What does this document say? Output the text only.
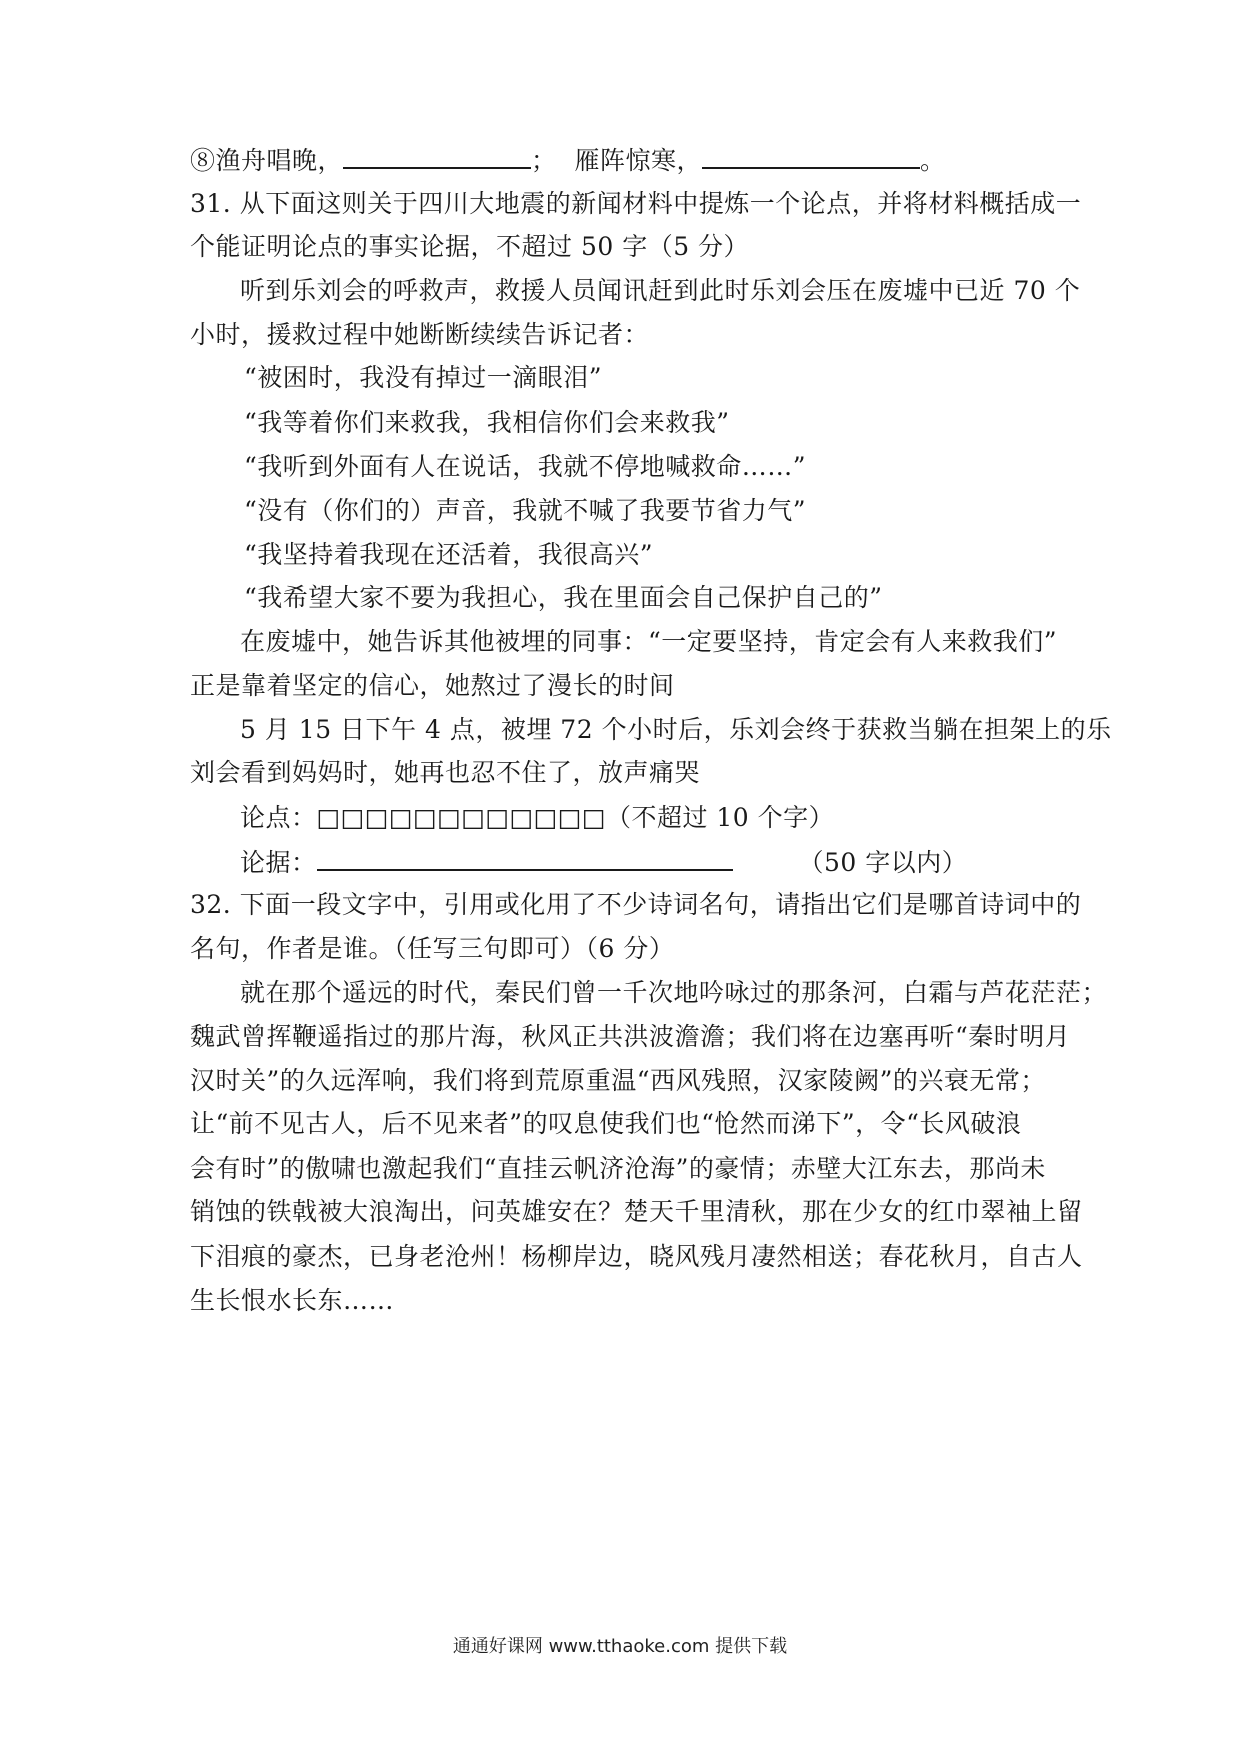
⑧渔舟唱晚，	； 雁阵惊寒，	。
31. 从下面这则关于四川大地震的新闻材料中提炼一个论点，并将材料概括成一
个能证明论点的事实论据，不超过 50 字（5 分）
听到乐刘会的呼救声，救援人员闻讯赶到此时乐刘会压在废墟中已近 70 个
小时，援救过程中她断断续续告诉记者：
“被困时，我没有掉过一滴眼泪”
“我等着你们来救我，我相信你们会来救我”
“我听到外面有人在说话，我就不停地喊救命……”
“没有（你们的）声音，我就不喊了我要节省力气”
“我坚持着我现在还活着，我很高兴”
“我希望大家不要为我担心，我在里面会自己保护自己的”
在废墟中，她告诉其他被埋的同事：“一定要坚持，肯定会有人来救我们”
正是靠着坚定的信心，她熬过了漫长的时间
5 月 15 日下午 4 点，被埋 72 个小时后，乐刘会终于获救当躺在担架上的乐
刘会看到妈妈时，她再也忍不住了，放声痛哭
论点：□□□□□□□□□□□□（不超过 10 个字）
论据：	（50 字以内）
32. 下面一段文字中，引用或化用了不少诗词名句，请指出它们是哪首诗词中的
名句，作者是谁。（任写三句即可）（6 分）
就在那个遥远的时代，秦民们曾一千次地吟咏过的那条河，白霜与芦花茫茫；
魏武曾挥鞭遥指过的那片海，秋风正共洪波澹澹；我们将在边塞再听“秦时明月
汉时关”的久远浑响，我们将到荒原重温“西风残照，汉家陵阙”的兴衰无常；
让“前不见古人，后不见来者”的叹息使我们也“怆然而涕下”，令“长风破浪
会有时”的傲啸也激起我们“直挂云帆济沧海”的豪情；赤壁大江东去，那尚未
销蚀的铁戟被大浪淘出，问英雄安在？楚天千里清秋，那在少女的红巾翠袖上留
下泪痕的豪杰，已身老沧州！杨柳岸边，晓风残月凄然相送；春花秋月，自古人
生长恨水长东……
通通好课网 www.tthaoke.com 提供下载
